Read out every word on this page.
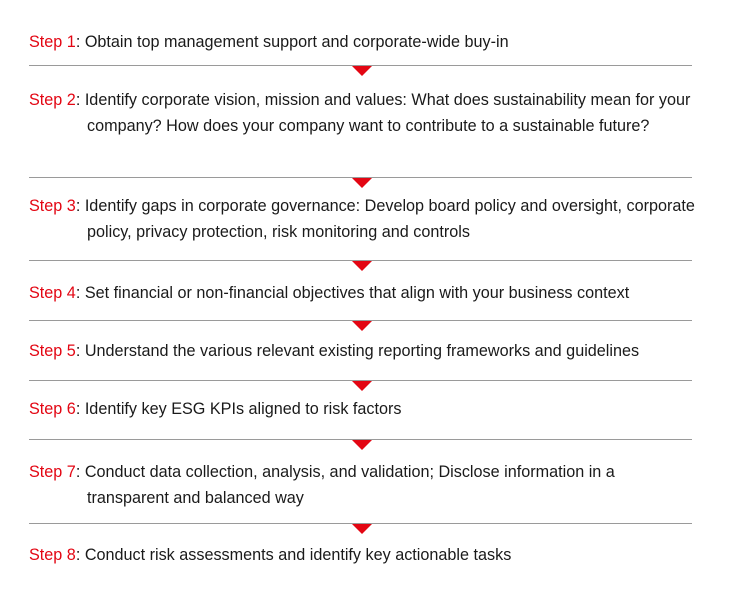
Step 1: Obtain top management support and corporate-wide buy-in
Step 2: Identify corporate vision, mission and values: What does sustainability mean for your company? How does your company want to contribute to a sustainable future?
Step 3: Identify gaps in corporate governance: Develop board policy and oversight, corporate policy, privacy protection, risk monitoring and controls
Step 4: Set financial or non-financial objectives that align with your business context
Step 5: Understand the various relevant existing reporting frameworks and guidelines
Step 6: Identify key ESG KPIs aligned to risk factors
Step 7: Conduct data collection, analysis, and validation; Disclose information in a transparent and balanced way
Step 8: Conduct risk assessments and identify key actionable tasks
